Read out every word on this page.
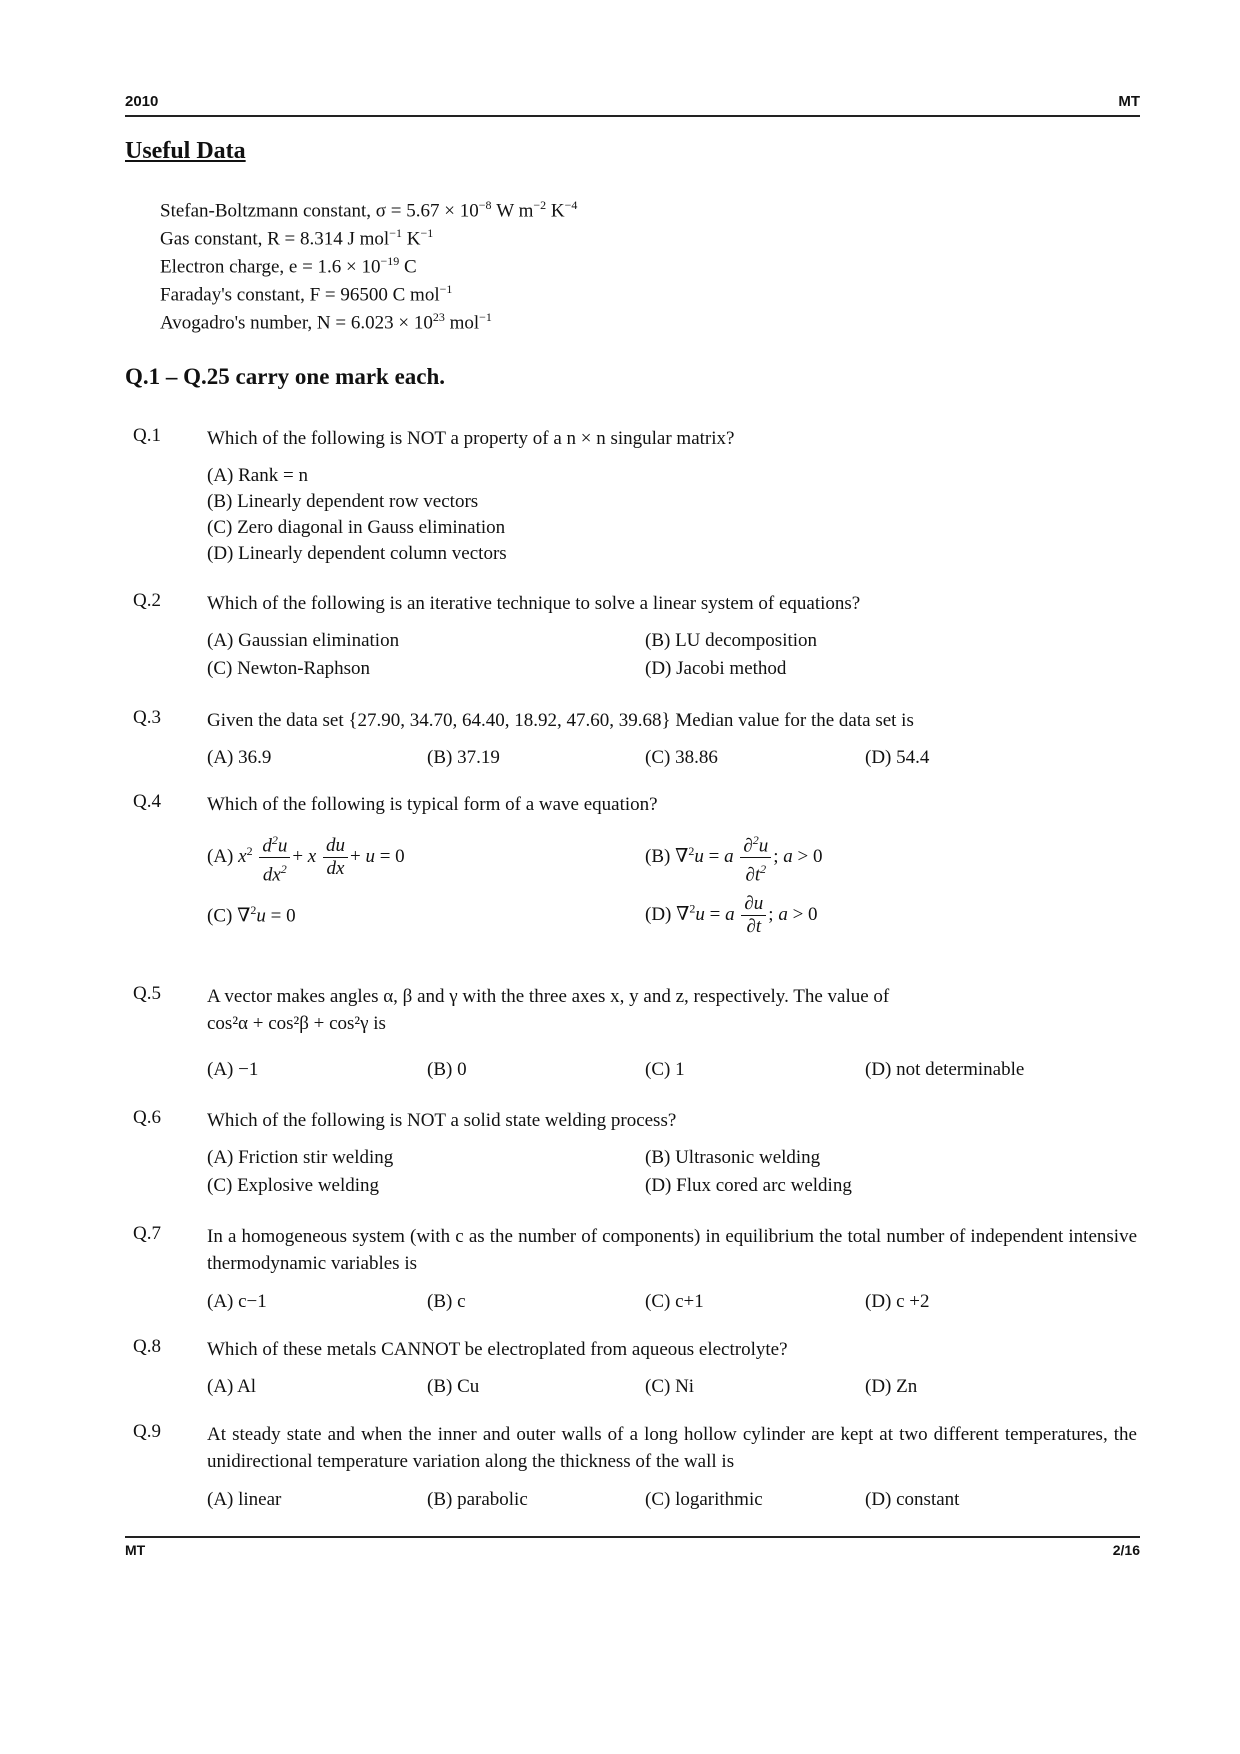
2010	MT
Useful Data
Stefan-Boltzmann constant, $\sigma = 5.67 \times 10^{-8}$ W $m^{-2}$ $K^{-4}$
Gas constant, R = 8.314 J mol$^{-1}$ $K^{-1}$
Electron charge, $e = 1.6 \times 10^{-19}$ C
Faraday's constant, F = 96500 C mol$^{-1}$
Avogadro's number, $N = 6.023 \times 10^{23}$ mol$^{-1}$
Q.1 – Q.25 carry one mark each.
Q.1 Which of the following is NOT a property of a n × n singular matrix?
(A) Rank = n
(B) Linearly dependent row vectors
(C) Zero diagonal in Gauss elimination
(D) Linearly dependent column vectors
Q.2 Which of the following is an iterative technique to solve a linear system of equations?
(A) Gaussian elimination	(B) LU decomposition
(C) Newton-Raphson	(D) Jacobi method
Q.3 Given the data set {27.90, 34.70, 64.40, 18.92, 47.60, 39.68} Median value for the data set is
(A) 36.9	(B) 37.19	(C) 38.86	(D) 54.4
Q.4 Which of the following is typical form of a wave equation?
(A) $x^2 \frac{d^2u}{dx^2} + x \frac{du}{dx} + u = 0$	(B) ∇$^2$u = a $\frac{\partial^2u}{\partial t^2}$ ; a > 0
(C) ∇$^2$u = 0	(D) ∇$^2$u = a $\frac{\partial u}{\partial t}$ ; a > 0
Q.5 A vector makes angles α, β and γ with the three axes x, y and z, respectively. The value of
cos²α + cos²β + cos²γ is
(A) −1	(B) 0	(C) 1	(D) not determinable
Q.6 Which of the following is NOT a solid state welding process?
(A) Friction stir welding	(B) Ultrasonic welding
(C) Explosive welding	(D) Flux cored arc welding
Q.7 In a homogeneous system (with c as the number of components) in equilibrium the total number of independent intensive thermodynamic variables is
(A) c−1	(B) c	(C) c+1	(D) c +2
Q.8 Which of these metals CANNOT be electroplated from aqueous electrolyte?
(A) Al	(B) Cu	(C) Ni	(D) Zn
Q.9 At steady state and when the inner and outer walls of a long hollow cylinder are kept at two different temperatures, the unidirectional temperature variation along the thickness of the wall is
(A) linear	(B) parabolic	(C) logarithmic	(D) constant
MT	2/16
